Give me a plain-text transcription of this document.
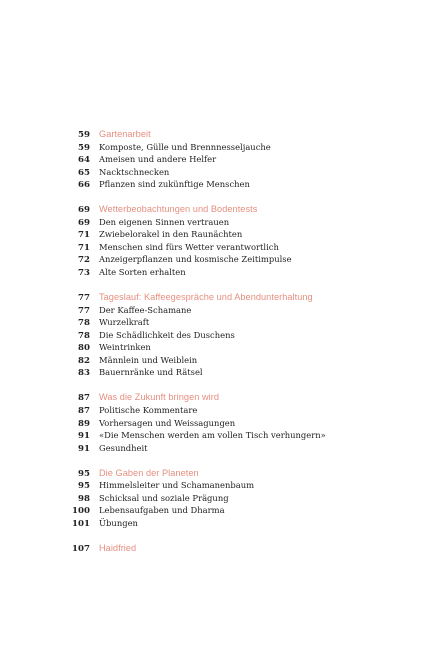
59 Gartenarbeit
59 Komposte, Gülle und Brennnesseljauche
64 Ameisen und andere Helfer
65 Nacktschnecken
66 Pflanzen sind zukünftige Menschen
69 Wetterbeobachtungen und Bodentests
69 Den eigenen Sinnen vertrauen
71 Zwiebelorakel in den Raunächten
71 Menschen sind fürs Wetter verantwortlich
72 Anzeigerpflanzen und kosmische Zeitimpulse
73 Alte Sorten erhalten
77 Tageslauf: Kaffeegespräche und Abendunterhaltung
77 Der Kaffee-Schamane
78 Wurzelkraft
78 Die Schädlichkeit des Duschens
80 Weintrinken
82 Männlein und Weiblein
83 Bauernränke und Rätsel
87 Was die Zukunft bringen wird
87 Politische Kommentare
89 Vorhersagen und Weissagungen
91 «Die Menschen werden am vollen Tisch verhungern»
91 Gesundheit
95 Die Gaben der Planeten
95 Himmelsleiter und Schamanenbaum
98 Schicksal und soziale Prägung
100 Lebensaufgaben und Dharma
101 Übungen
107 Haidfried
